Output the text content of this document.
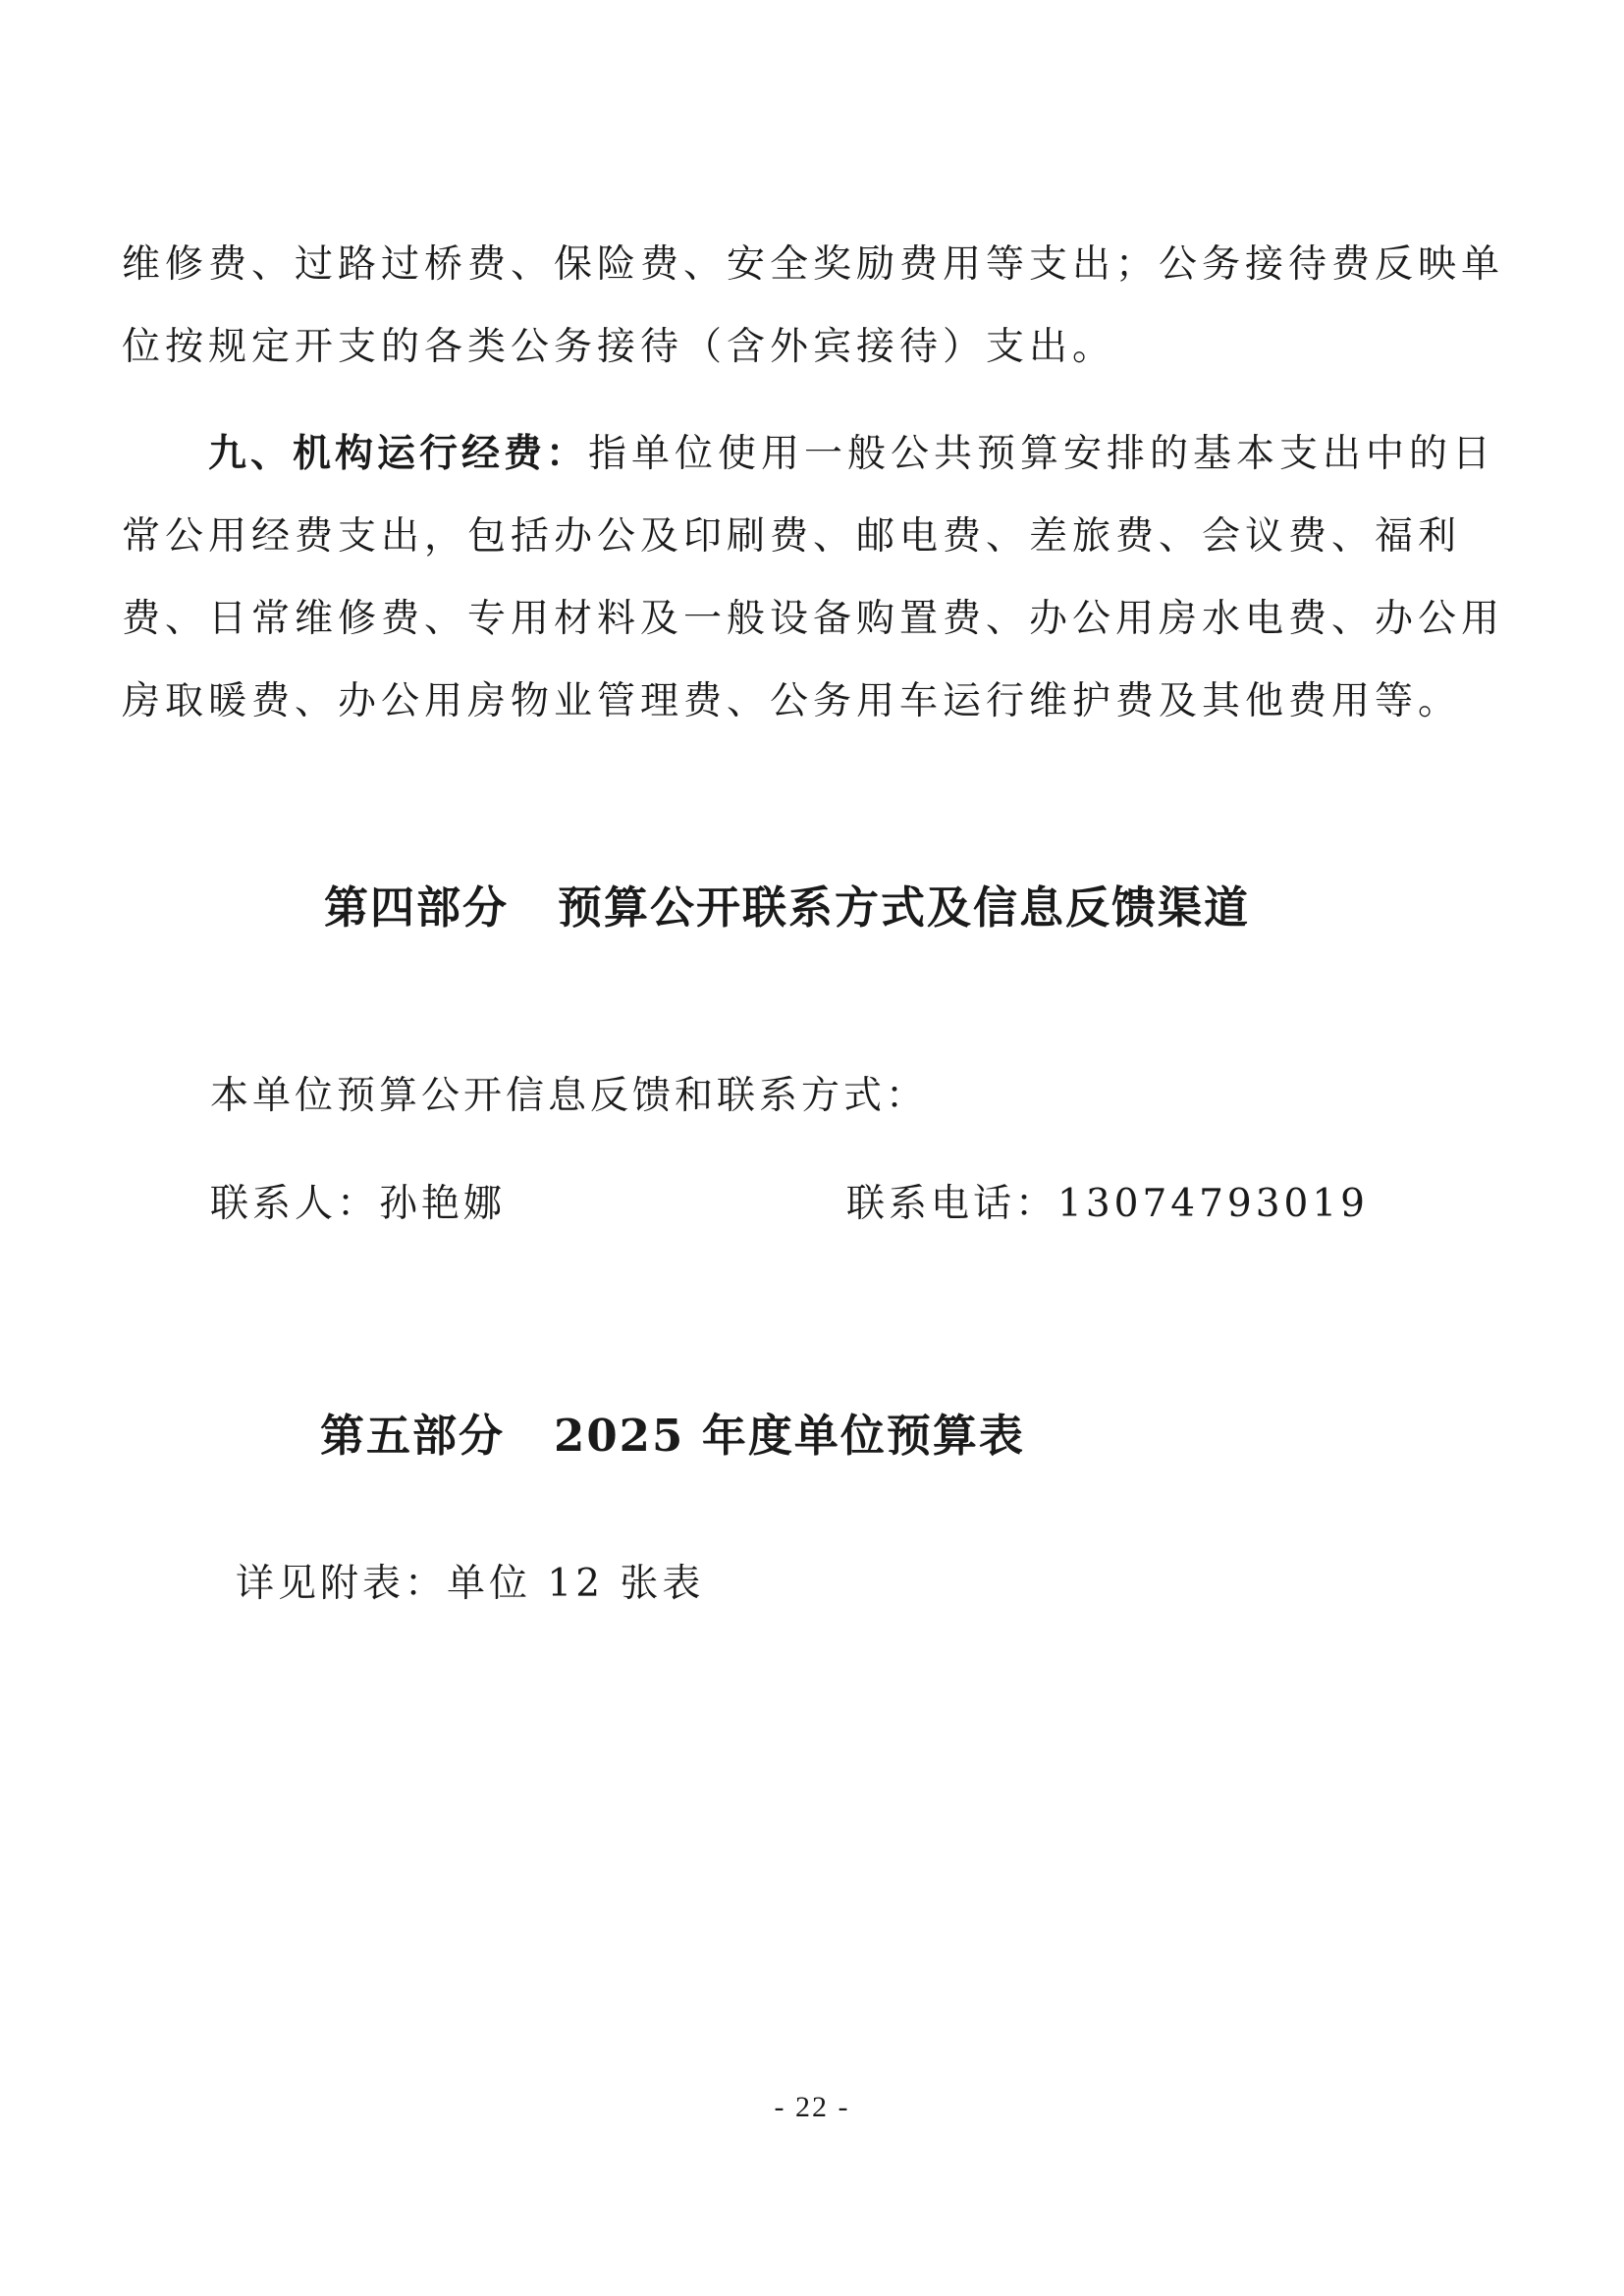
维修费、过路过桥费、保险费、安全奖励费用等支出；公务接待费反映单位按规定开支的各类公务接待（含外宾接待）支出。

九、机构运行经费：指单位使用一般公共预算安排的基本支出中的日常公用经费支出，包括办公及印刷费、邮电费、差旅费、会议费、福利费、日常维修费、专用材料及一般设备购置费、办公用房水电费、办公用房取暖费、办公用房物业管理费、公务用车运行维护费及其他费用等。

第四部分 预算公开联系方式及信息反馈渠道

本单位预算公开信息反馈和联系方式：

联系人：孙艳娜	联系电话：13074793019

第五部分 2025 年度单位预算表

详见附表：单位 12 张表

- 22 -
